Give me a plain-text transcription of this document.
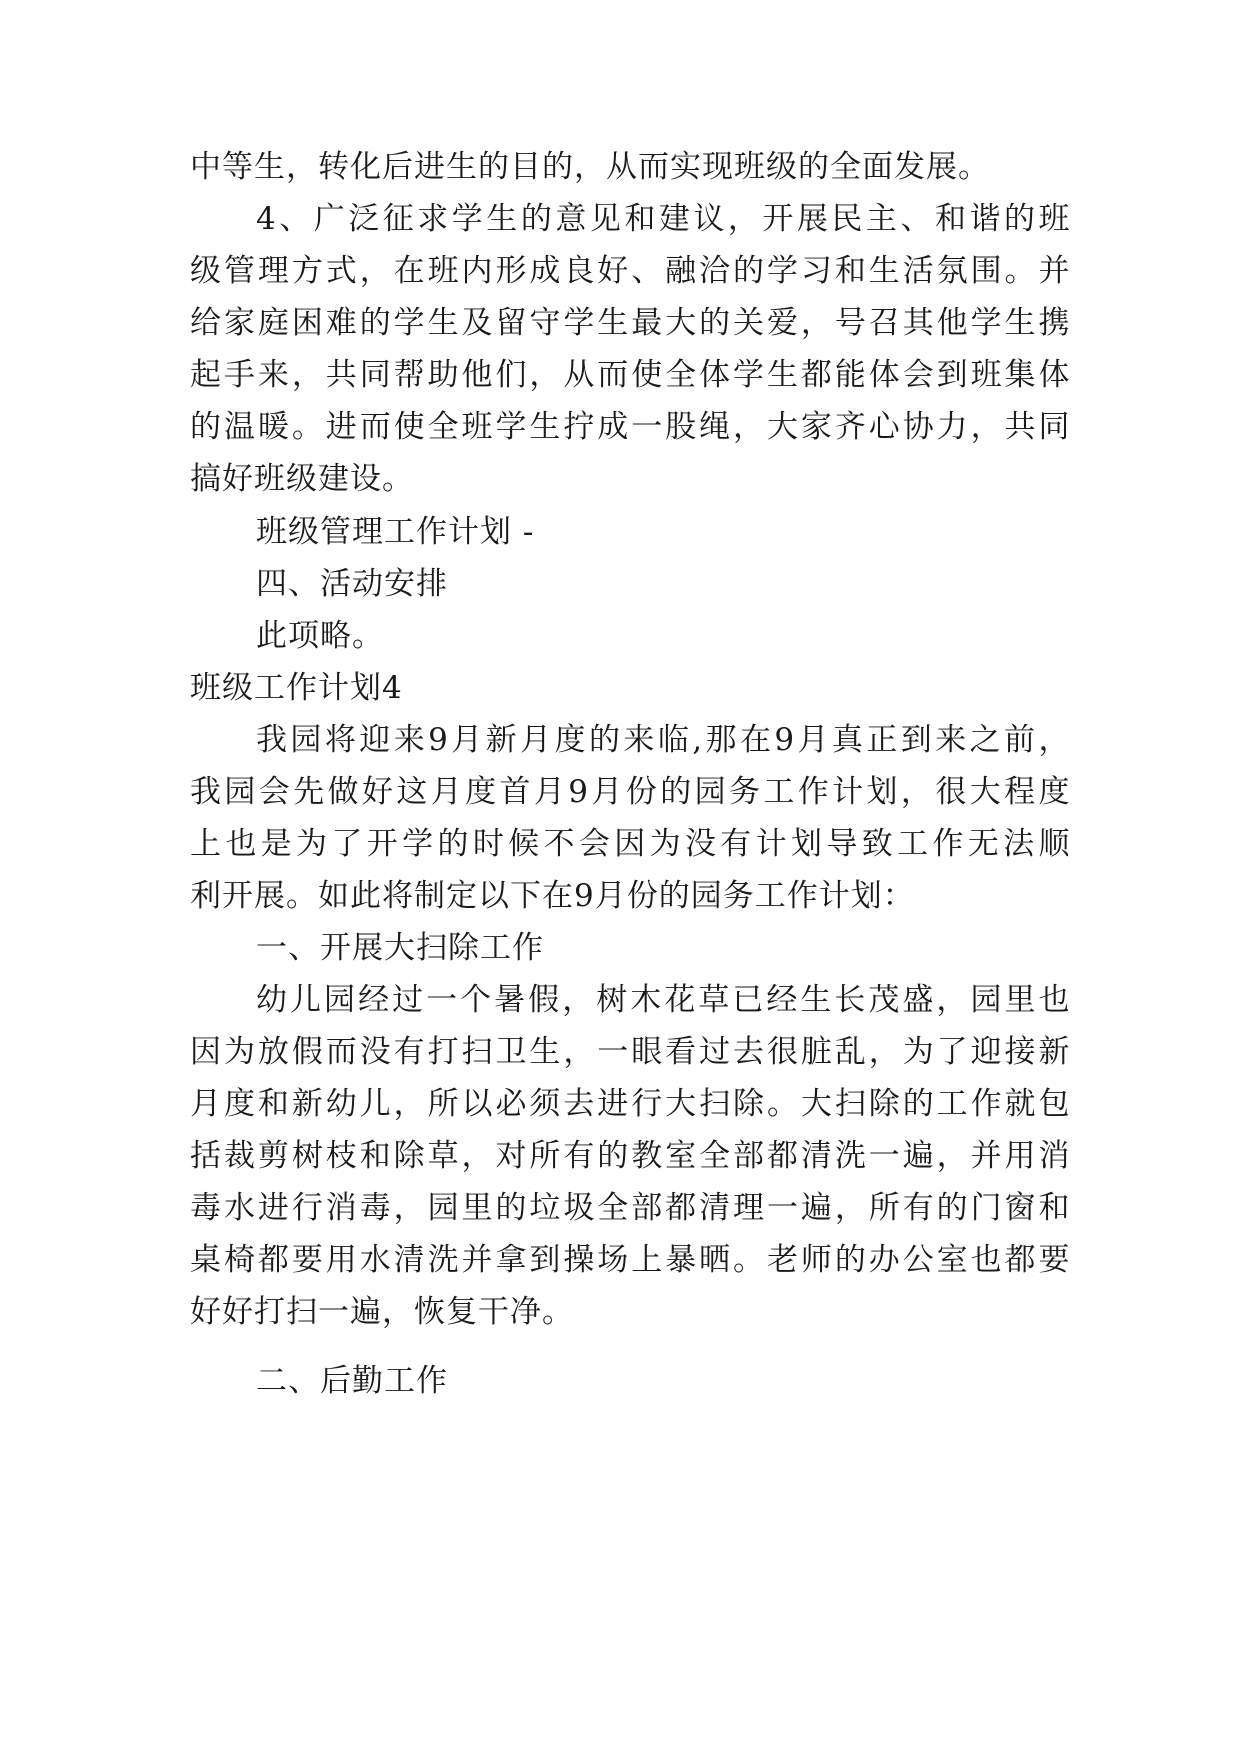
中等生，转化后进生的目的，从而实现班级的全面发展。
4、广泛征求学生的意见和建议，开展民主、和谐的班
级管理方式，在班内形成良好、融洽的学习和生活氛围。并
给家庭困难的学生及留守学生最大的关爱，号召其他学生携
起手来，共同帮助他们，从而使全体学生都能体会到班集体
的温暖。进而使全班学生拧成一股绳，大家齐心协力，共同
搞好班级建设。
班级管理工作计划 -
四、活动安排
此项略。
班级工作计划4
我园将迎来9月新月度的来临,那在9月真正到来之前，
我园会先做好这月度首月9月份的园务工作计划，很大程度
上也是为了开学的时候不会因为没有计划导致工作无法顺
利开展。如此将制定以下在9月份的园务工作计划：
一、开展大扫除工作
幼儿园经过一个暑假，树木花草已经生长茂盛，园里也
因为放假而没有打扫卫生，一眼看过去很脏乱，为了迎接新
月度和新幼儿，所以必须去进行大扫除。大扫除的工作就包
括裁剪树枝和除草，对所有的教室全部都清洗一遍，并用消
毒水进行消毒，园里的垃圾全部都清理一遍，所有的门窗和
桌椅都要用水清洗并拿到操场上暴晒。老师的办公室也都要
好好打扫一遍，恢复干净。
二、后勤工作
